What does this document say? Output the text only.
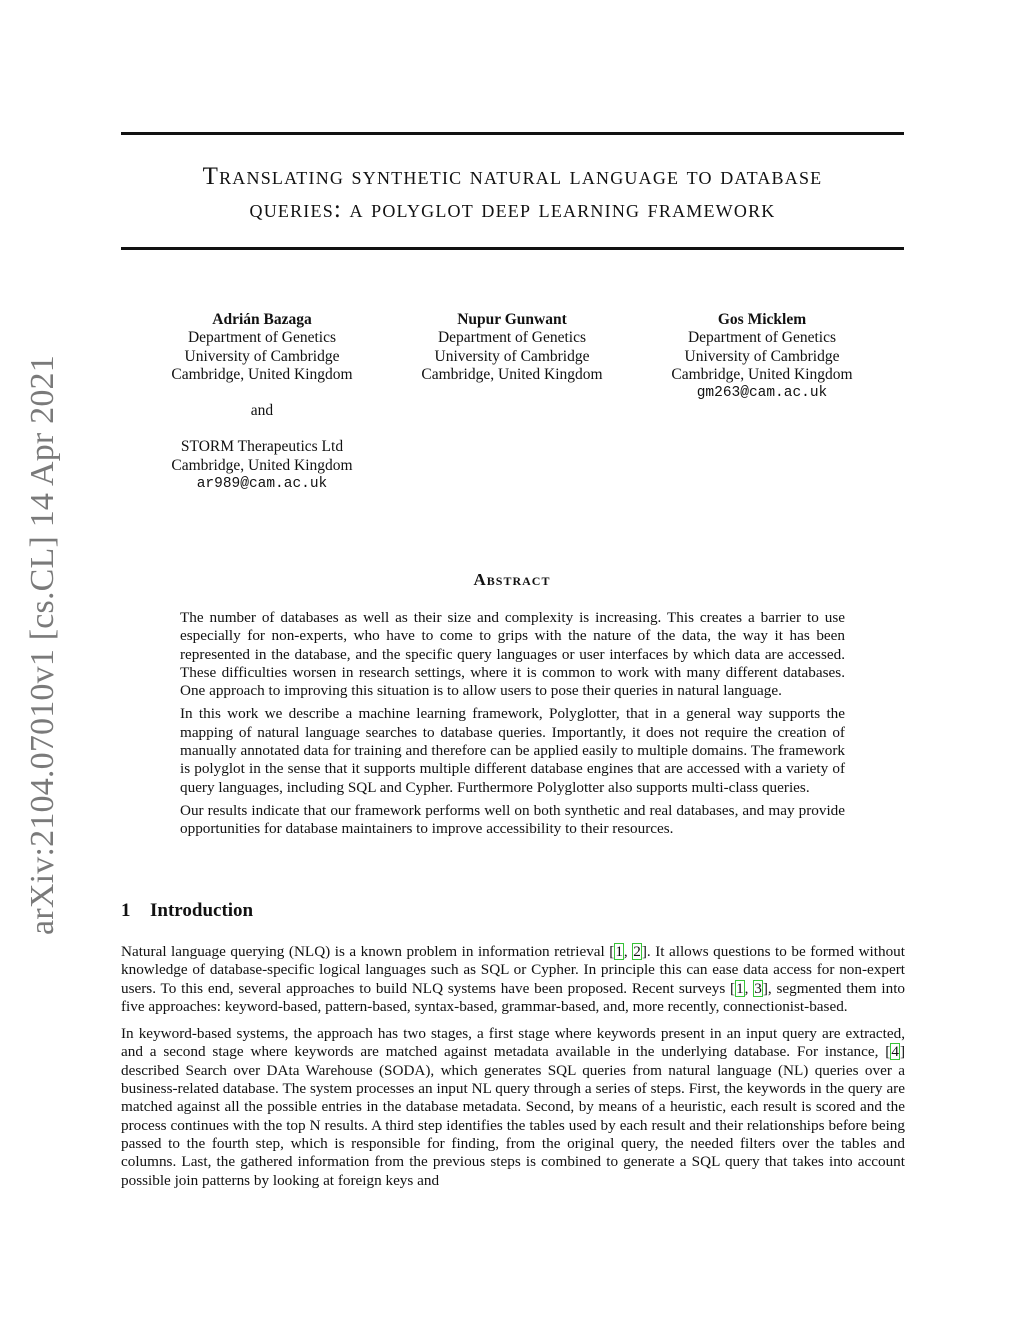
arXiv:2104.07010v1 [cs.CL] 14 Apr 2021
Translating synthetic natural language to database
queries: a polyglot deep learning framework
Adrián Bazaga
Department of Genetics
University of Cambridge
Cambridge, United Kingdom
and
STORM Therapeutics Ltd
Cambridge, United Kingdom
ar989@cam.ac.uk
Nupur Gunwant
Department of Genetics
University of Cambridge
Cambridge, United Kingdom
Gos Micklem
Department of Genetics
University of Cambridge
Cambridge, United Kingdom
gm263@cam.ac.uk
Abstract

The number of databases as well as their size and complexity is increasing. This creates a barrier to use especially for non-experts, who have to come to grips with the nature of the data, the way it has been represented in the database, and the specific query languages or user interfaces by which data are accessed. These difficulties worsen in research settings, where it is common to work with many different databases. One approach to improving this situation is to allow users to pose their queries in natural language.

In this work we describe a machine learning framework, Polyglotter, that in a general way supports the mapping of natural language searches to database queries. Importantly, it does not require the creation of manually annotated data for training and therefore can be applied easily to multiple domains. The framework is polyglot in the sense that it supports multiple different database engines that are accessed with a variety of query languages, including SQL and Cypher. Furthermore Polyglotter also supports multi-class queries.

Our results indicate that our framework performs well on both synthetic and real databases, and may provide opportunities for database maintainers to improve accessibility to their resources.

1 Introduction

Natural language querying (NLQ) is a known problem in information retrieval [1, 2]. It allows questions to be formed without knowledge of database-specific logical languages such as SQL or Cypher. In principle this can ease data access for non-expert users. To this end, several approaches to build NLQ systems have been proposed. Recent surveys [1, 3], segmented them into five approaches: keyword-based, pattern-based, syntax-based, grammar-based, and, more recently, connectionist-based.

In keyword-based systems, the approach has two stages, a first stage where keywords present in an input query are extracted, and a second stage where keywords are matched against metadata available in the underlying database. For instance, [4] described Search over DAta Warehouse (SODA), which generates SQL queries from natural language (NL) queries over a business-related database. The system processes an input NL query through a series of steps. First, the keywords in the query are matched against all the possible entries in the database metadata. Second, by means of a heuristic, each result is scored and the process continues with the top N results. A third step identifies the tables used by each result and their relationships before being passed to the fourth step, which is responsible for finding, from the original query, the needed filters over the tables and columns. Last, the gathered information from the previous steps is combined to generate a SQL query that takes into account possible join patterns by looking at foreign keys and
